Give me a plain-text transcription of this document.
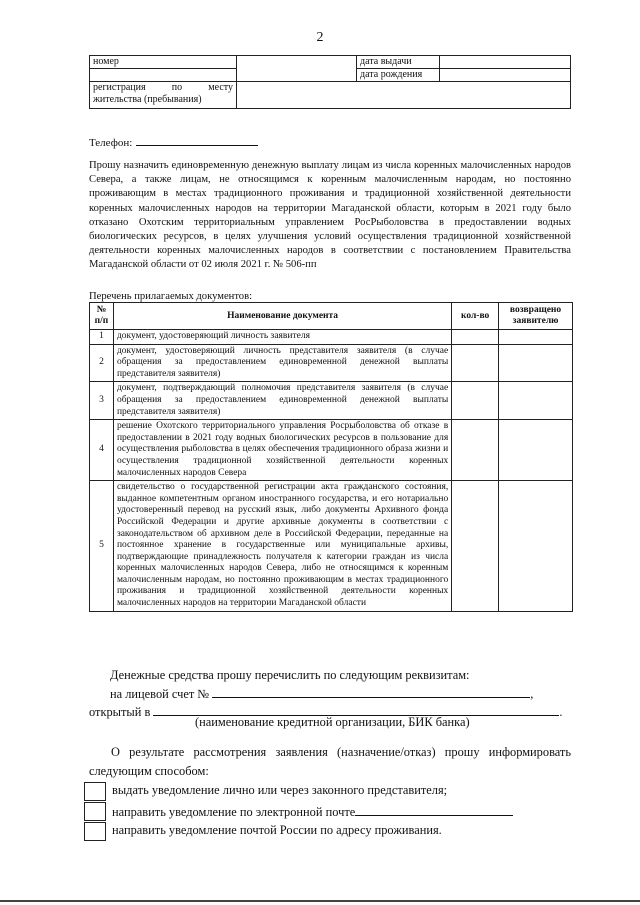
2
номер		дата выдачи	
		дата рождения	

регистрация по месту
жительства (пребывания)			

Телефон:
Прошу назначить единовременную денежную выплату лицам из числа коренных малочисленных народов Севера, а также лицам, не относящимся к коренным малочисленным народам, но постоянно проживающим в местах традиционного проживания и традиционной хозяйственной деятельности коренных малочисленных народов на территории Магаданской области, которым в 2021 году было отказано Охотским территориальным управлением РосРыболовства в предоставлении водных биологических ресурсов, в целях улучшения условий осуществления традиционной хозяйственной деятельности коренных малочисленных народов в соответствии с постановлением Правительства Магаданской области от 02 июля 2021 г. № 506-пп
Перечень прилагаемых документов:
№ п/п	Наименование документа	кол-во	возвращено заявителю
1	документ, удостоверяющий личность заявителя		
2	документ, удостоверяющий личность представителя заявителя (в случае обращения за предоставлением единовременной денежной выплаты представителя заявителя)		
3	документ, подтверждающий полномочия представителя заявителя (в случае обращения за предоставлением единовременной денежной выплаты представителя заявителя)		
4	решение Охотского территориального управления Росрыболовства об отказе в предоставлении в 2021 году водных биологических ресурсов в пользование для осуществления рыболовства в целях обеспечения традиционного образа жизни и осуществления традиционной хозяйственной деятельности коренных малочисленных народов Севера		
5	свидетельство о государственной регистрации акта гражданского состояния, выданное компетентным органом иностранного государства, и его нотариально удостоверенный перевод на русский язык, либо документы Архивного фонда Российской Федерации и другие архивные документы в соответствии с законодательством об архивном деле в Российской Федерации, переданные на постоянное хранение в государственные или муниципальные архивы, подтверждающие принадлежность получателя к категории граждан из числа коренных малочисленных народов Севера, либо не относящимся к коренным малочисленным народам, но постоянно проживающим в местах традиционного проживания и традиционной хозяйственной деятельности коренных малочисленных народов на территории Магаданской области		
Денежные средства прошу перечислить по следующим реквизитам:
на лицевой счет №	,
открытый в	.
(наименование кредитной организации, БИК банка)
О результате рассмотрения заявления (назначение/отказ) прошу информировать следующим способом:
выдать уведомление лично или через законного представителя;
направить уведомление по электронной почте
направить уведомление почтой России по адресу проживания.
